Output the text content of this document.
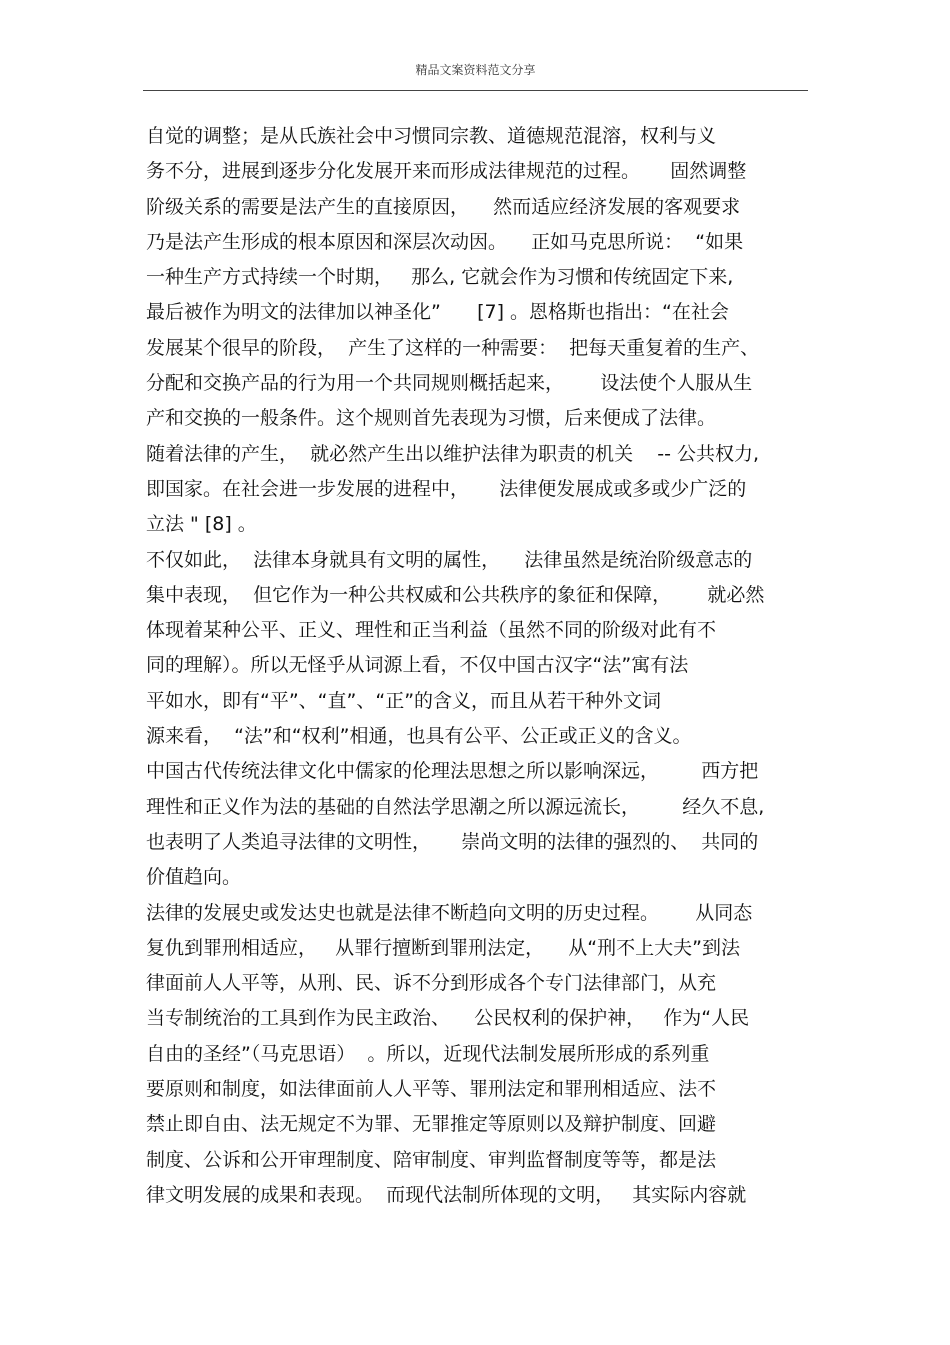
精品文案资料范文分享
自觉的调整；是从氏族社会中习惯同宗教、道德规范混溶，权利与义
务不分，进展到逐步分化发展开来而形成法律规范的过程。     固然调整
阶级关系的需要是法产生的直接原因，    然而适应经济发展的客观要求
乃是法产生形成的根本原因和深层次动因。    正如马克思所说：  “如果
一种生产方式持续一个时期，   那么, 它就会作为习惯和传统固定下来,
最后被作为明文的法律加以神圣化”      [7] 。恩格斯也指出：“在社会
发展某个很早的阶段，  产生了这样的一种需要：  把每天重复着的生产、
分配和交换产品的行为用一个共同规则概括起来，      设法使个人服从生
产和交换的一般条件。这个规则首先表现为习惯，后来便成了法律。
随着法律的产生，  就必然产生出以维护法律为职责的机关    -- 公共权力,
即国家。在社会进一步发展的进程中，     法律便发展成或多或少广泛的
立法 " [8] 。
不仅如此，  法律本身就具有文明的属性，    法律虽然是统治阶级意志的
集中表现，  但它作为一种公共权威和公共秩序的象征和保障，      就必然
体现着某种公平、正义、理性和正当利益（虽然不同的阶级对此有不
同的理解）。所以无怪乎从词源上看，不仅中国古汉字“法”寓有法
平如水，即有“平”、“直”、“正”的含义，而且从若干种外文词
源来看，  “法”和“权利”相通，也具有公平、公正或正义的含义。
中国古代传统法律文化中儒家的伦理法思想之所以影响深远，       西方把
理性和正义作为法的基础的自然法学思潮之所以源远流长，       经久不息,
也表明了人类追寻法律的文明性，     崇尚文明的法律的强烈的、  共同的
价值趋向。
法律的发展史或发达史也就是法律不断趋向文明的历史过程。      从同态
复仇到罪刑相适应，   从罪行擅断到罪刑法定，    从“刑不上大夫”到法
律面前人人平等，从刑、民、诉不分到形成各个专门法律部门，从充
当专制统治的工具到作为民主政治、    公民权利的保护神，   作为“人民
自由的圣经”（马克思语）  。所以，近现代法制发展所形成的系列重
要原则和制度，如法律面前人人平等、罪刑法定和罪刑相适应、法不
禁止即自由、法无规定不为罪、无罪推定等原则以及辩护制度、回避
制度、公诉和公开审理制度、陪审制度、审判监督制度等等，都是法
律文明发展的成果和表现。  而现代法制所体现的文明，   其实际内容就
